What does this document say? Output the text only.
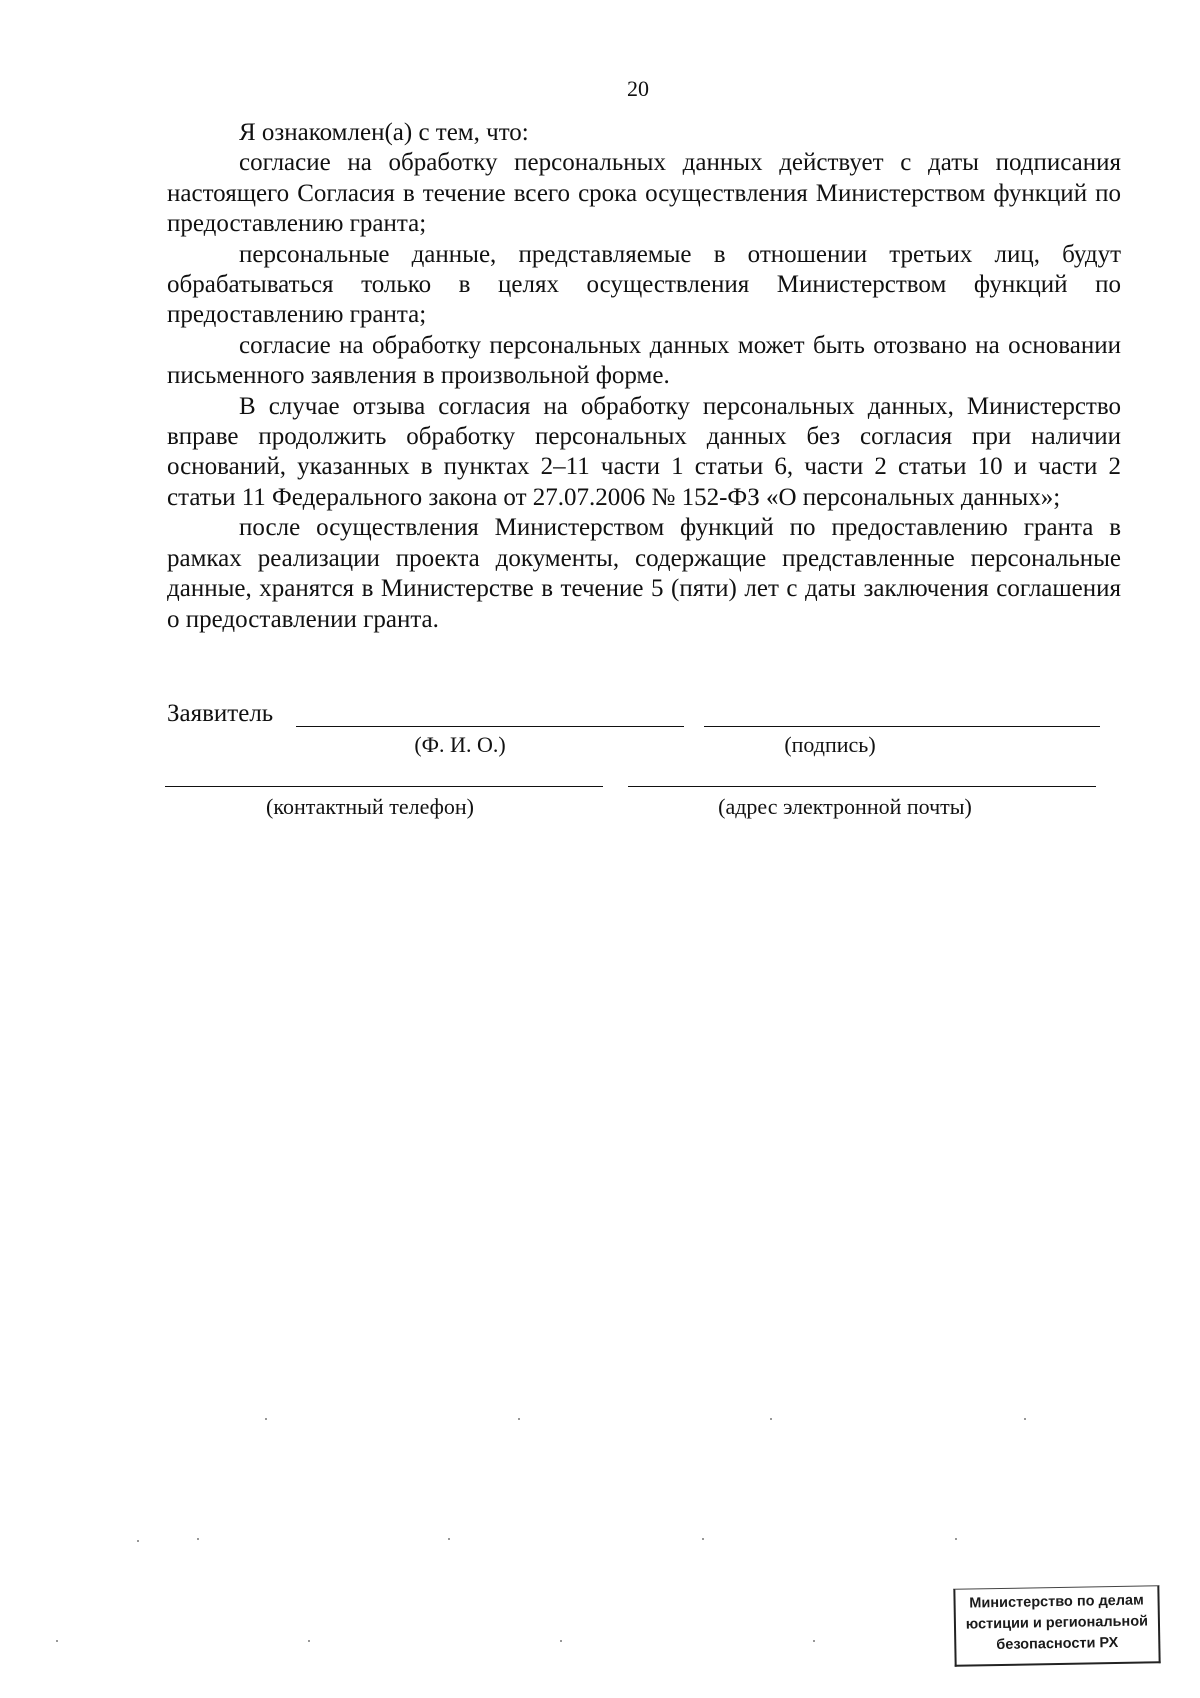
20

Я ознакомлен(а) с тем, что:

согласие на обработку персональных данных действует с даты подписания настоящего Согласия в течение всего срока осуществления Министерством функций по предоставлению гранта;

персональные данные, представляемые в отношении третьих лиц, будут обрабатываться только в целях осуществления Министерством функций по предоставлению гранта;

согласие на обработку персональных данных может быть отозвано на основании письменного заявления в произвольной форме.

В случае отзыва согласия на обработку персональных данных, Министерство вправе продолжить обработку персональных данных без согласия при наличии оснований, указанных в пунктах 2–11 части 1 статьи 6, части 2 статьи 10 и части 2 статьи 11 Федерального закона от 27.07.2006 № 152-ФЗ «О персональных данных»;

после осуществления Министерством функций по предоставлению гранта в рамках реализации проекта документы, содержащие представленные персональные данные, хранятся в Министерстве в течение 5 (пяти) лет с даты заключения соглашения о предоставлении гранта.

Заявитель
(Ф. И. О.)	(подпись)
(контактный телефон)	(адрес электронной почты)
Министерство по делам
юстиции и региональной
безопасности РХ
